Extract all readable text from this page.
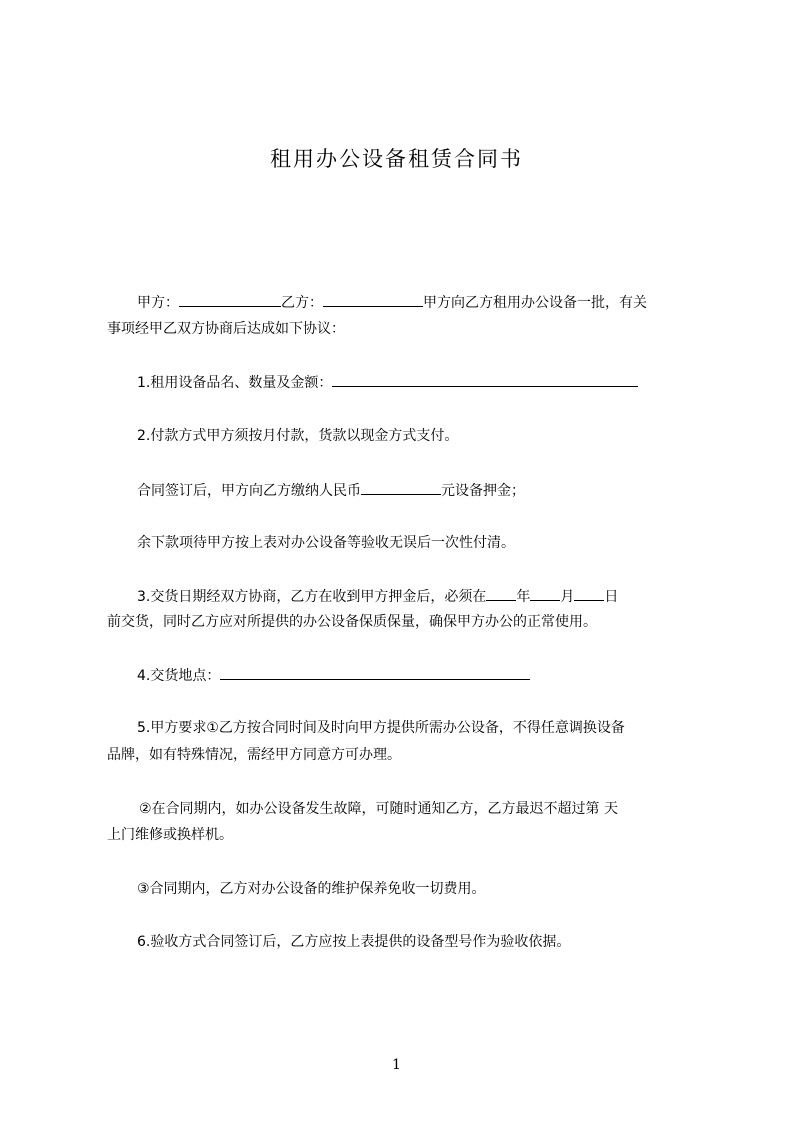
租用办公设备租赁合同书
甲方：	乙方：	甲方向乙方租用办公设备一批，有关
事项经甲乙双方协商后达成如下协议：
1.租用设备品名、数量及金额：
2.付款方式甲方须按月付款，货款以现金方式支付。
合同签订后，甲方向乙方缴纳人民币	元设备押金；
余下款项待甲方按上表对办公设备等验收无误后一次性付清。
3.交货日期经双方协商，乙方在收到甲方押金后，必须在 年 月 日
前交货，同时乙方应对所提供的办公设备保质保量，确保甲方办公的正常使用。
4.交货地点：
5.甲方要求①乙方按合同时间及时向甲方提供所需办公设备，不得任意调换设备
品牌，如有特殊情况，需经甲方同意方可办理。
②在合同期内，如办公设备发生故障，可随时通知乙方，乙方最迟不超过第 天
上门维修或换样机。
③合同期内，乙方对办公设备的维护保养免收一切费用。
6.验收方式合同签订后，乙方应按上表提供的设备型号作为验收依据。
1
